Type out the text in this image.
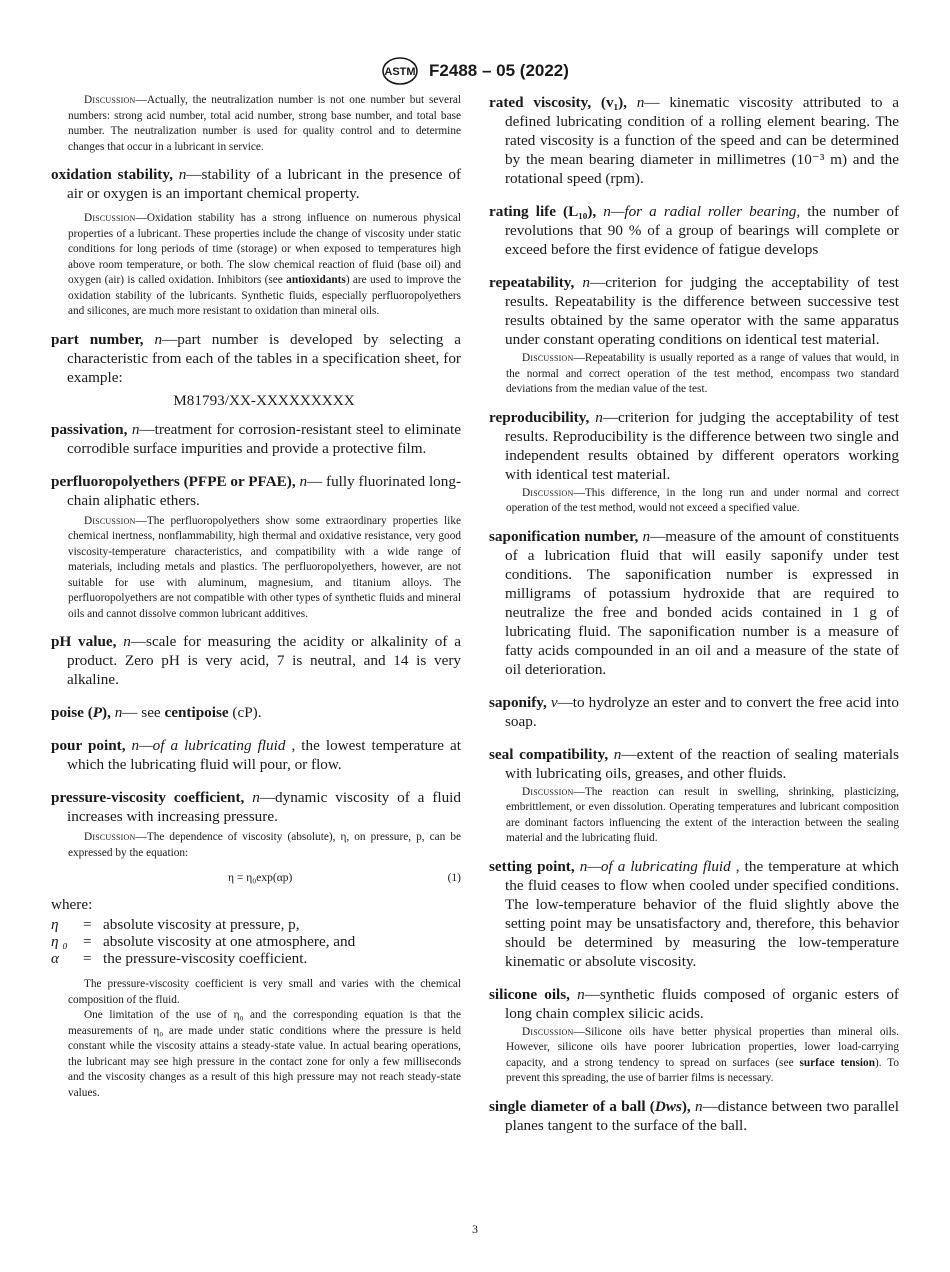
ASTM F2488 – 05 (2022)

Discussion—Actually, the neutralization number is not one number but several numbers: strong acid number, total acid number, strong base number, and total base number. The neutralization number is used for quality control and to determine changes that occur in a lubricant in service.

oxidation stability, n—stability of a lubricant in the presence of air or oxygen is an important chemical property.

Discussion—Oxidation stability has a strong influence on numerous physical properties of a lubricant. These properties include the change of viscosity under static conditions for long periods of time (storage) or when exposed to temperatures high above room temperature, or both. The slow chemical reaction of fluid (base oil) and oxygen (air) is called oxidation. Inhibitors (see antioxidants) are used to improve the oxidation stability of the lubricants. Synthetic fluids, especially perfluoropolyethers and silicones, are much more resistant to oxidation than mineral oils.

part number, n—part number is developed by selecting a characteristic from each of the tables in a specification sheet, for example:

M81793/XX-XXXXXXXXX

passivation, n—treatment for corrosion-resistant steel to eliminate corrodible surface impurities and provide a protective film.

perfluoropolyethers (PFPE or PFAE), n— fully fluorinated long-chain aliphatic ethers.

Discussion—The perfluoropolyethers show some extraordinary properties like chemical inertness, nonflammability, high thermal and oxidative resistance, very good viscosity-temperature characteristics, and compatibility with a wide range of materials, including metals and plastics. The perfluoropolyethers, however, are not suitable for use with aluminum, magnesium, and titanium alloys. The perfluoropolyethers are not compatible with other types of synthetic fluids and mineral oils and cannot dissolve common lubricant additives.

pH value, n—scale for measuring the acidity or alkalinity of a product. Zero pH is very acid, 7 is neutral, and 14 is very alkaline.

poise (P), n— see centipoise (cP).

pour point, n—of a lubricating fluid , the lowest temperature at which the lubricating fluid will pour, or flow.

pressure-viscosity coefficient, n—dynamic viscosity of a fluid increases with increasing pressure.

Discussion—The dependence of viscosity (absolute), η, on pressure, p, can be expressed by the equation:

η = η₀exp(αp)	(1)
where:
η = absolute viscosity at pressure, p,
η ₀ = absolute viscosity at one atmosphere, and
α = the pressure-viscosity coefficient.

The pressure-viscosity coefficient is very small and varies with the chemical composition of the fluid.

One limitation of the use of η₀ and the corresponding equation is that the measurements of η₀ are made under static conditions where the pressure is held constant while the viscosity attains a steady-state value. In actual bearing operations, the lubricant may see high pressure in the contact zone for only a few milliseconds and the viscosity changes as a result of this high pressure may not reach steady-state values.

rated viscosity, (v₁), n— kinematic viscosity attributed to a defined lubricating condition of a rolling element bearing. The rated viscosity is a function of the speed and can be determined by the mean bearing diameter in millimetres (10⁻³ m) and the rotational speed (rpm).

rating life (L₁₀), n—for a radial roller bearing, the number of revolutions that 90 % of a group of bearings will complete or exceed before the first evidence of fatigue develops

repeatability, n—criterion for judging the acceptability of test results. Repeatability is the difference between successive test results obtained by the same operator with the same apparatus under constant operating conditions on identical test material.

Discussion—Repeatability is usually reported as a range of values that would, in the normal and correct operation of the test method, encompass two standard deviations from the median value of the test.

reproducibility, n—criterion for judging the acceptability of test results. Reproducibility is the difference between two single and independent results obtained by different operators working with identical test material.

Discussion—This difference, in the long run and under normal and correct operation of the test method, would not exceed a specified value.

saponification number, n—measure of the amount of constituents of a lubrication fluid that will easily saponify under test conditions. The saponification number is expressed in milligrams of potassium hydroxide that are required to neutralize the free and bonded acids contained in 1 g of lubricating fluid. The saponification number is a measure of fatty acids compounded in an oil and a measure of the state of oil deterioration.

saponify, v—to hydrolyze an ester and to convert the free acid into soap.

seal compatibility, n—extent of the reaction of sealing materials with lubricating oils, greases, and other fluids.

Discussion—The reaction can result in swelling, shrinking, plasticizing, embrittlement, or even dissolution. Operating temperatures and lubricant composition are dominant factors influencing the extent of the interaction between the sealing material and the lubricating fluid.

setting point, n—of a lubricating fluid , the temperature at which the fluid ceases to flow when cooled under specified conditions. The low-temperature behavior of the fluid slightly above the setting point may be unsatisfactory and, therefore, this behavior should be determined by measuring the low-temperature kinematic or absolute viscosity.

silicone oils, n—synthetic fluids composed of organic esters of long chain complex silicic acids.

Discussion—Silicone oils have better physical properties than mineral oils. However, silicone oils have poorer lubrication properties, lower load-carrying capacity, and a strong tendency to spread on surfaces (see surface tension). To prevent this spreading, the use of barrier films is necessary.

single diameter of a ball (Dws), n—distance between two parallel planes tangent to the surface of the ball.

3
